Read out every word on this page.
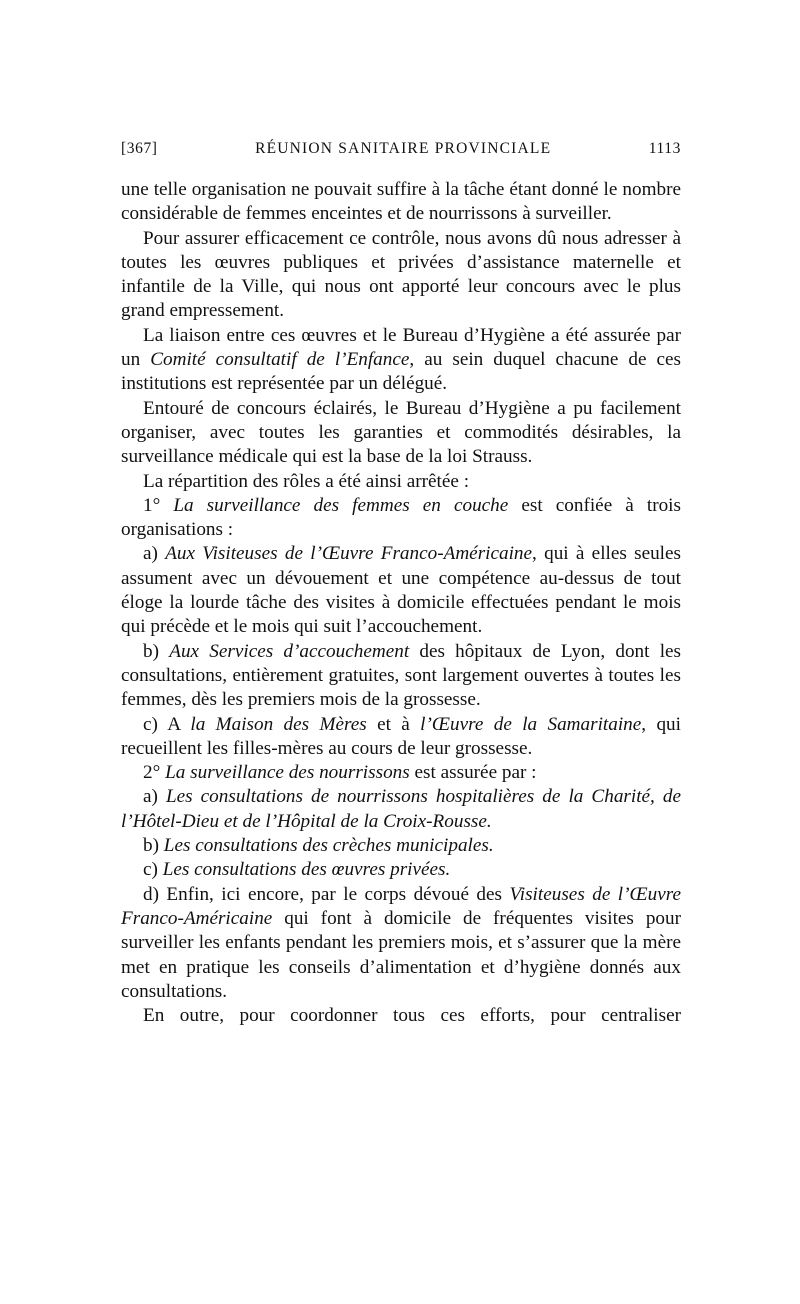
[367]	RÉUNION SANITAIRE PROVINCIALE	1113

une telle organisation ne pouvait suffire à la tâche étant donné le nombre considérable de femmes enceintes et de nourrissons à surveiller.

Pour assurer efficacement ce contrôle, nous avons dû nous adresser à toutes les œuvres publiques et privées d’assistance maternelle et infantile de la Ville, qui nous ont apporté leur concours avec le plus grand empressement.

La liaison entre ces œuvres et le Bureau d’Hygiène a été assurée par un Comité consultatif de l’Enfance, au sein duquel chacune de ces institutions est représentée par un délégué.

Entouré de concours éclairés, le Bureau d’Hygiène a pu facilement organiser, avec toutes les garanties et commodités désirables, la surveillance médicale qui est la base de la loi Strauss.

La répartition des rôles a été ainsi arrêtée :

1° La surveillance des femmes en couche est confiée à trois organisations :

a) Aux Visiteuses de l’Œuvre Franco-Américaine, qui à elles seules assument avec un dévouement et une compétence au-dessus de tout éloge la lourde tâche des visites à domicile effectuées pendant le mois qui précède et le mois qui suit l’accouchement.

b) Aux Services d’accouchement des hôpitaux de Lyon, dont les consultations, entièrement gratuites, sont largement ouvertes à toutes les femmes, dès les premiers mois de la grossesse.

c) A la Maison des Mères et à l’Œuvre de la Samaritaine, qui recueillent les filles-mères au cours de leur grossesse.

2° La surveillance des nourrissons est assurée par :

a) Les consultations de nourrissons hospitalières de la Charité, de l’Hôtel-Dieu et de l’Hôpital de la Croix-Rousse.

b) Les consultations des crèches municipales.

c) Les consultations des œuvres privées.

d) Enfin, ici encore, par le corps dévoué des Visiteuses de l’Œuvre Franco-Américaine qui font à domicile de fréquentes visites pour surveiller les enfants pendant les premiers mois, et s’assurer que la mère met en pratique les conseils d’alimentation et d’hygiène donnés aux consultations.

En outre, pour coordonner tous ces efforts, pour centraliser
